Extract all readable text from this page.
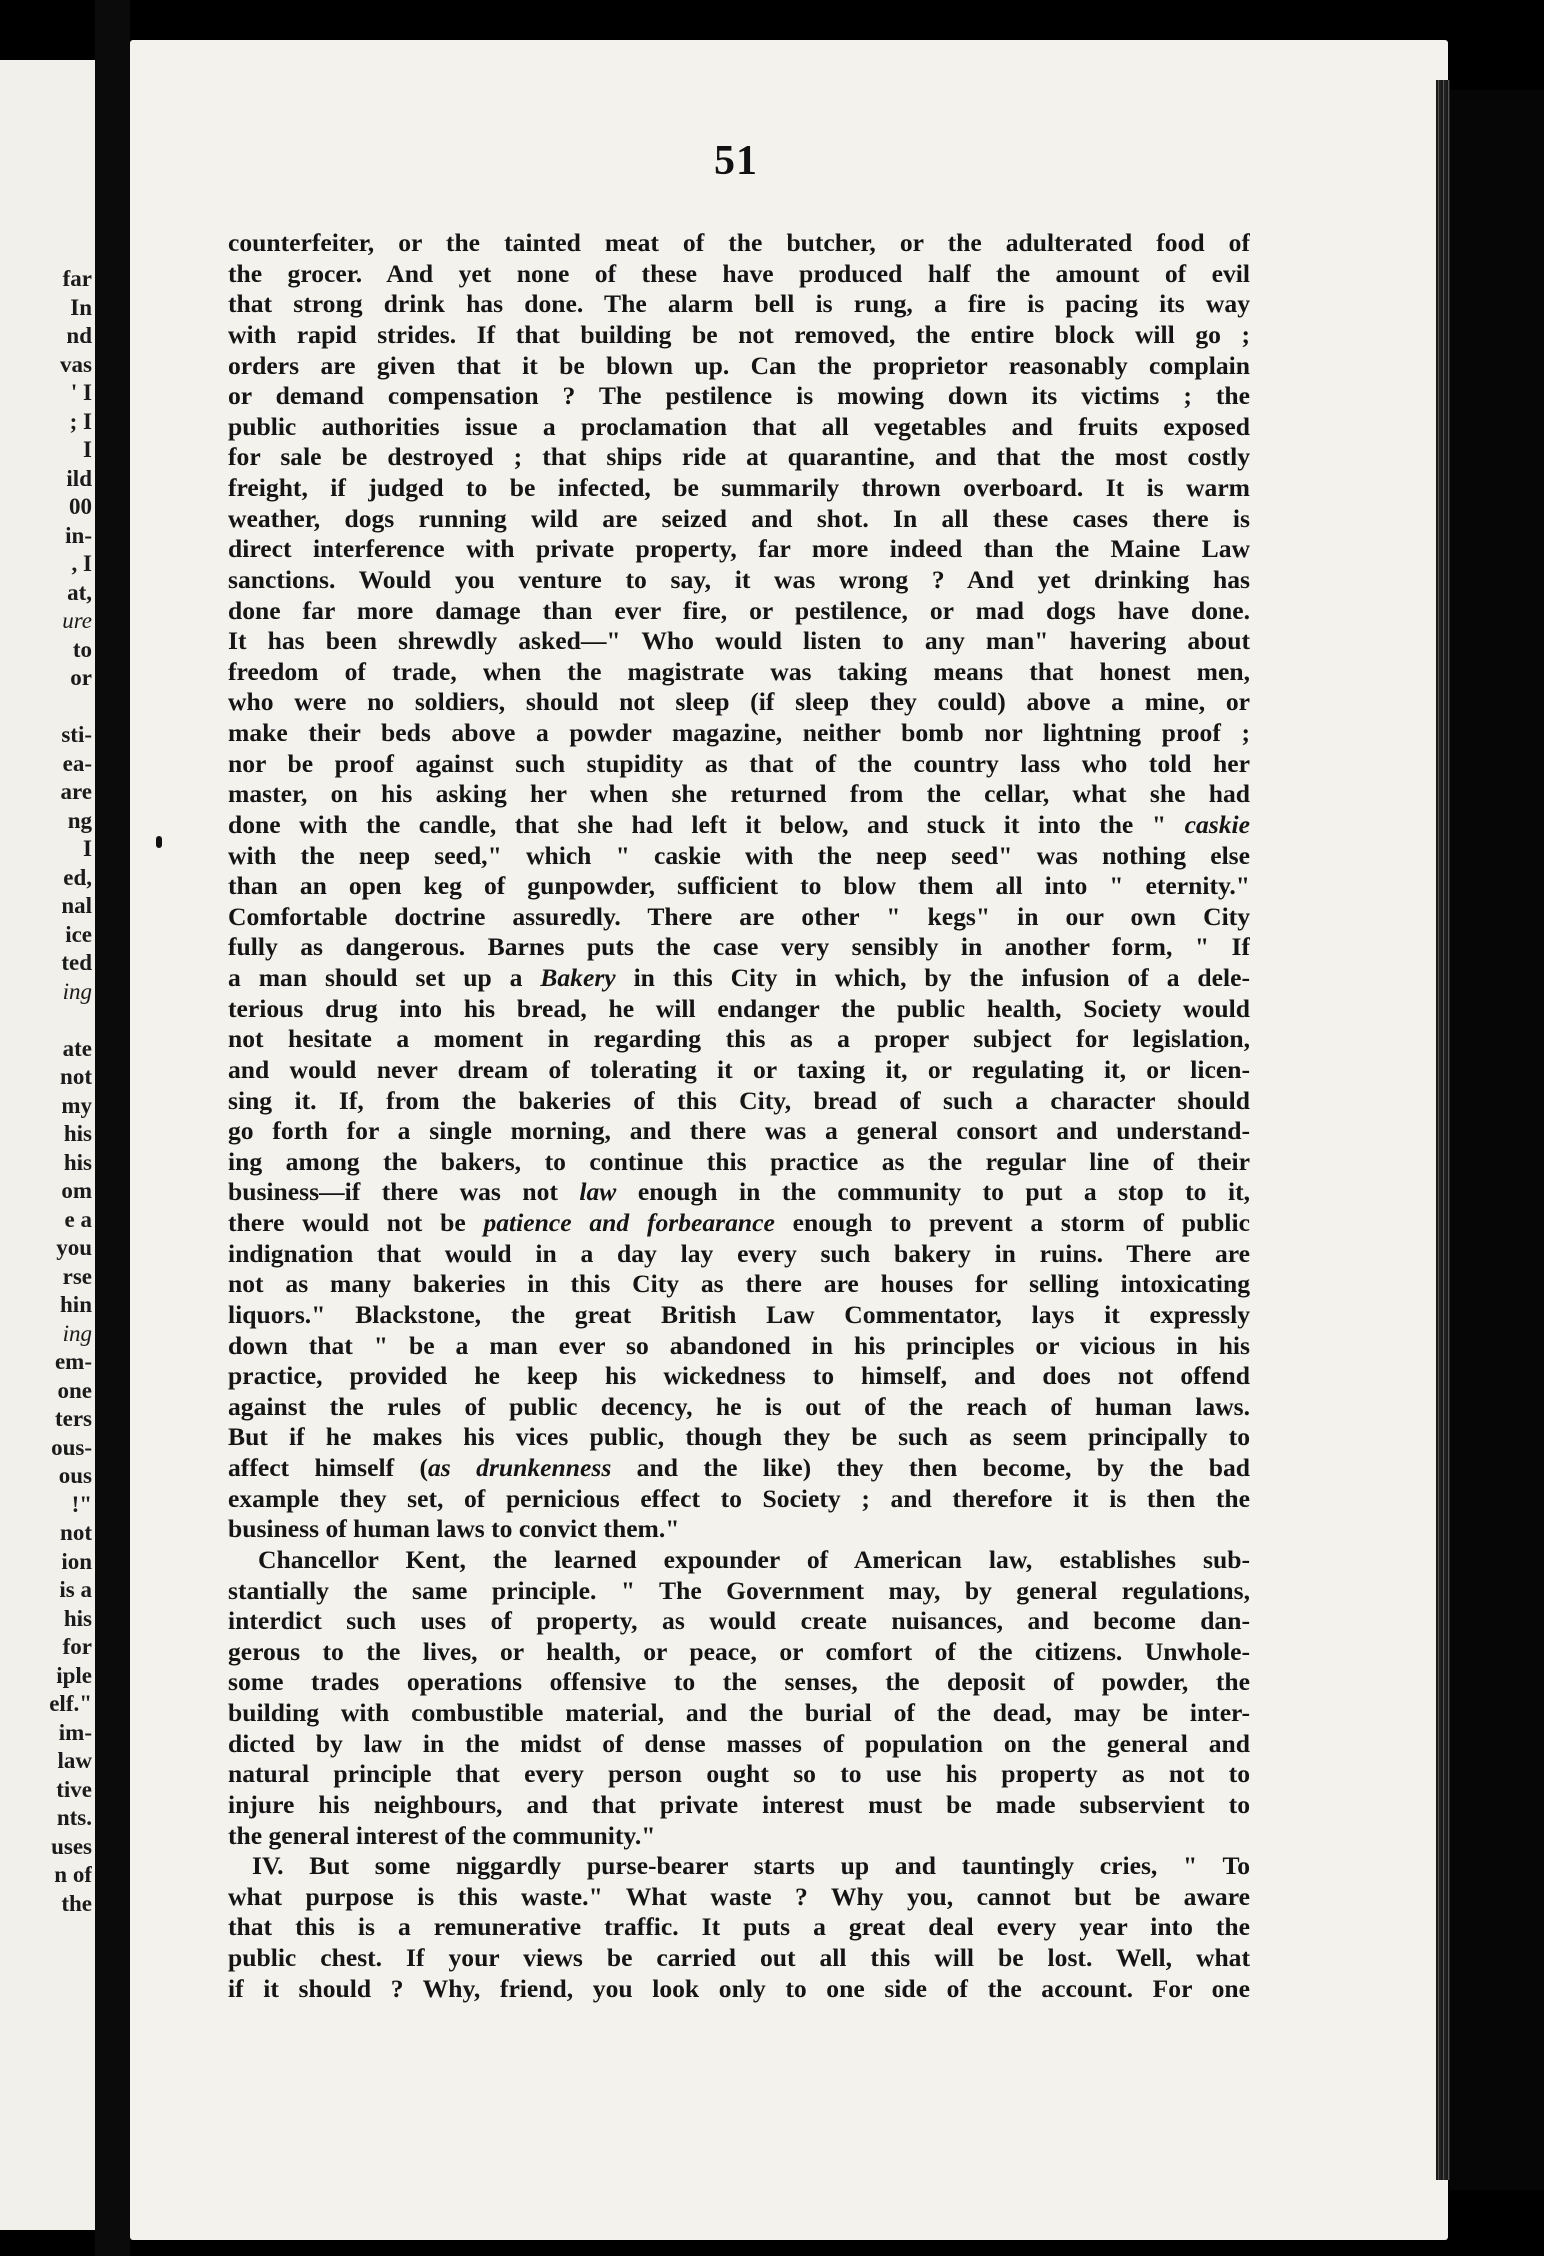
far
In
nd
vas
' I
; I
I
ild
00
in-
, I
at,
ure
to
or

sti-
ea-
are
ng
I
ed,
nal
ice
ted
ing

ate
not
my
his
his
om
e a
you
rse
hin
ing
em-
one
ters
ous-
ous
!"
not
ion
is a
his
for
iple
elf."
im-
law
tive
nts.
uses
n of
the
51
counterfeiter, or the tainted meat of the butcher, or the adulterated food of
the grocer. And yet none of these have produced half the amount of evil
that strong drink has done. The alarm bell is rung, a fire is pacing its way
with rapid strides. If that building be not removed, the entire block will go ;
orders are given that it be blown up. Can the proprietor reasonably complain
or demand compensation ? The pestilence is mowing down its victims ; the
public authorities issue a proclamation that all vegetables and fruits exposed
for sale be destroyed ; that ships ride at quarantine, and that the most costly
freight, if judged to be infected, be summarily thrown overboard. It is warm
weather, dogs running wild are seized and shot. In all these cases there is
direct interference with private property, far more indeed than the Maine Law
sanctions. Would you venture to say, it was wrong ? And yet drinking has
done far more damage than ever fire, or pestilence, or mad dogs have done.
It has been shrewdly asked—" Who would listen to any man" havering about
freedom of trade, when the magistrate was taking means that honest men,
who were no soldiers, should not sleep (if sleep they could) above a mine, or
make their beds above a powder magazine, neither bomb nor lightning proof ;
nor be proof against such stupidity as that of the country lass who told her
master, on his asking her when she returned from the cellar, what she had
done with the candle, that she had left it below, and stuck it into the " caskie
with the neep seed," which " caskie with the neep seed" was nothing else
than an open keg of gunpowder, sufficient to blow them all into " eternity."
Comfortable doctrine assuredly. There are other " kegs" in our own City
fully as dangerous. Barnes puts the case very sensibly in another form, " If
a man should set up a Bakery in this City in which, by the infusion of a dele-
terious drug into his bread, he will endanger the public health, Society would
not hesitate a moment in regarding this as a proper subject for legislation,
and would never dream of tolerating it or taxing it, or regulating it, or licen-
sing it. If, from the bakeries of this City, bread of such a character should
go forth for a single morning, and there was a general consort and understand-
ing among the bakers, to continue this practice as the regular line of their
business—if there was not law enough in the community to put a stop to it,
there would not be patience and forbearance enough to prevent a storm of public
indignation that would in a day lay every such bakery in ruins. There are
not as many bakeries in this City as there are houses for selling intoxicating
liquors." Blackstone, the great British Law Commentator, lays it expressly
down that " be a man ever so abandoned in his principles or vicious in his
practice, provided he keep his wickedness to himself, and does not offend
against the rules of public decency, he is out of the reach of human laws.
But if he makes his vices public, though they be such as seem principally to
affect himself (as drunkenness and the like) they then become, by the bad
example they set, of pernicious effect to Society ; and therefore it is then the
business of human laws to convict them."
Chancellor Kent, the learned expounder of American law, establishes sub-
stantially the same principle. " The Government may, by general regulations,
interdict such uses of property, as would create nuisances, and become dan-
gerous to the lives, or health, or peace, or comfort of the citizens. Unwhole-
some trades operations offensive to the senses, the deposit of powder, the
building with combustible material, and the burial of the dead, may be inter-
dicted by law in the midst of dense masses of population on the general and
natural principle that every person ought so to use his property as not to
injure his neighbours, and that private interest must be made subservient to
the general interest of the community."
IV. But some niggardly purse-bearer starts up and tauntingly cries, " To
what purpose is this waste." What waste ? Why you, cannot but be aware
that this is a remunerative traffic. It puts a great deal every year into the
public chest. If your views be carried out all this will be lost. Well, what
if it should ? Why, friend, you look only to one side of the account. For one
